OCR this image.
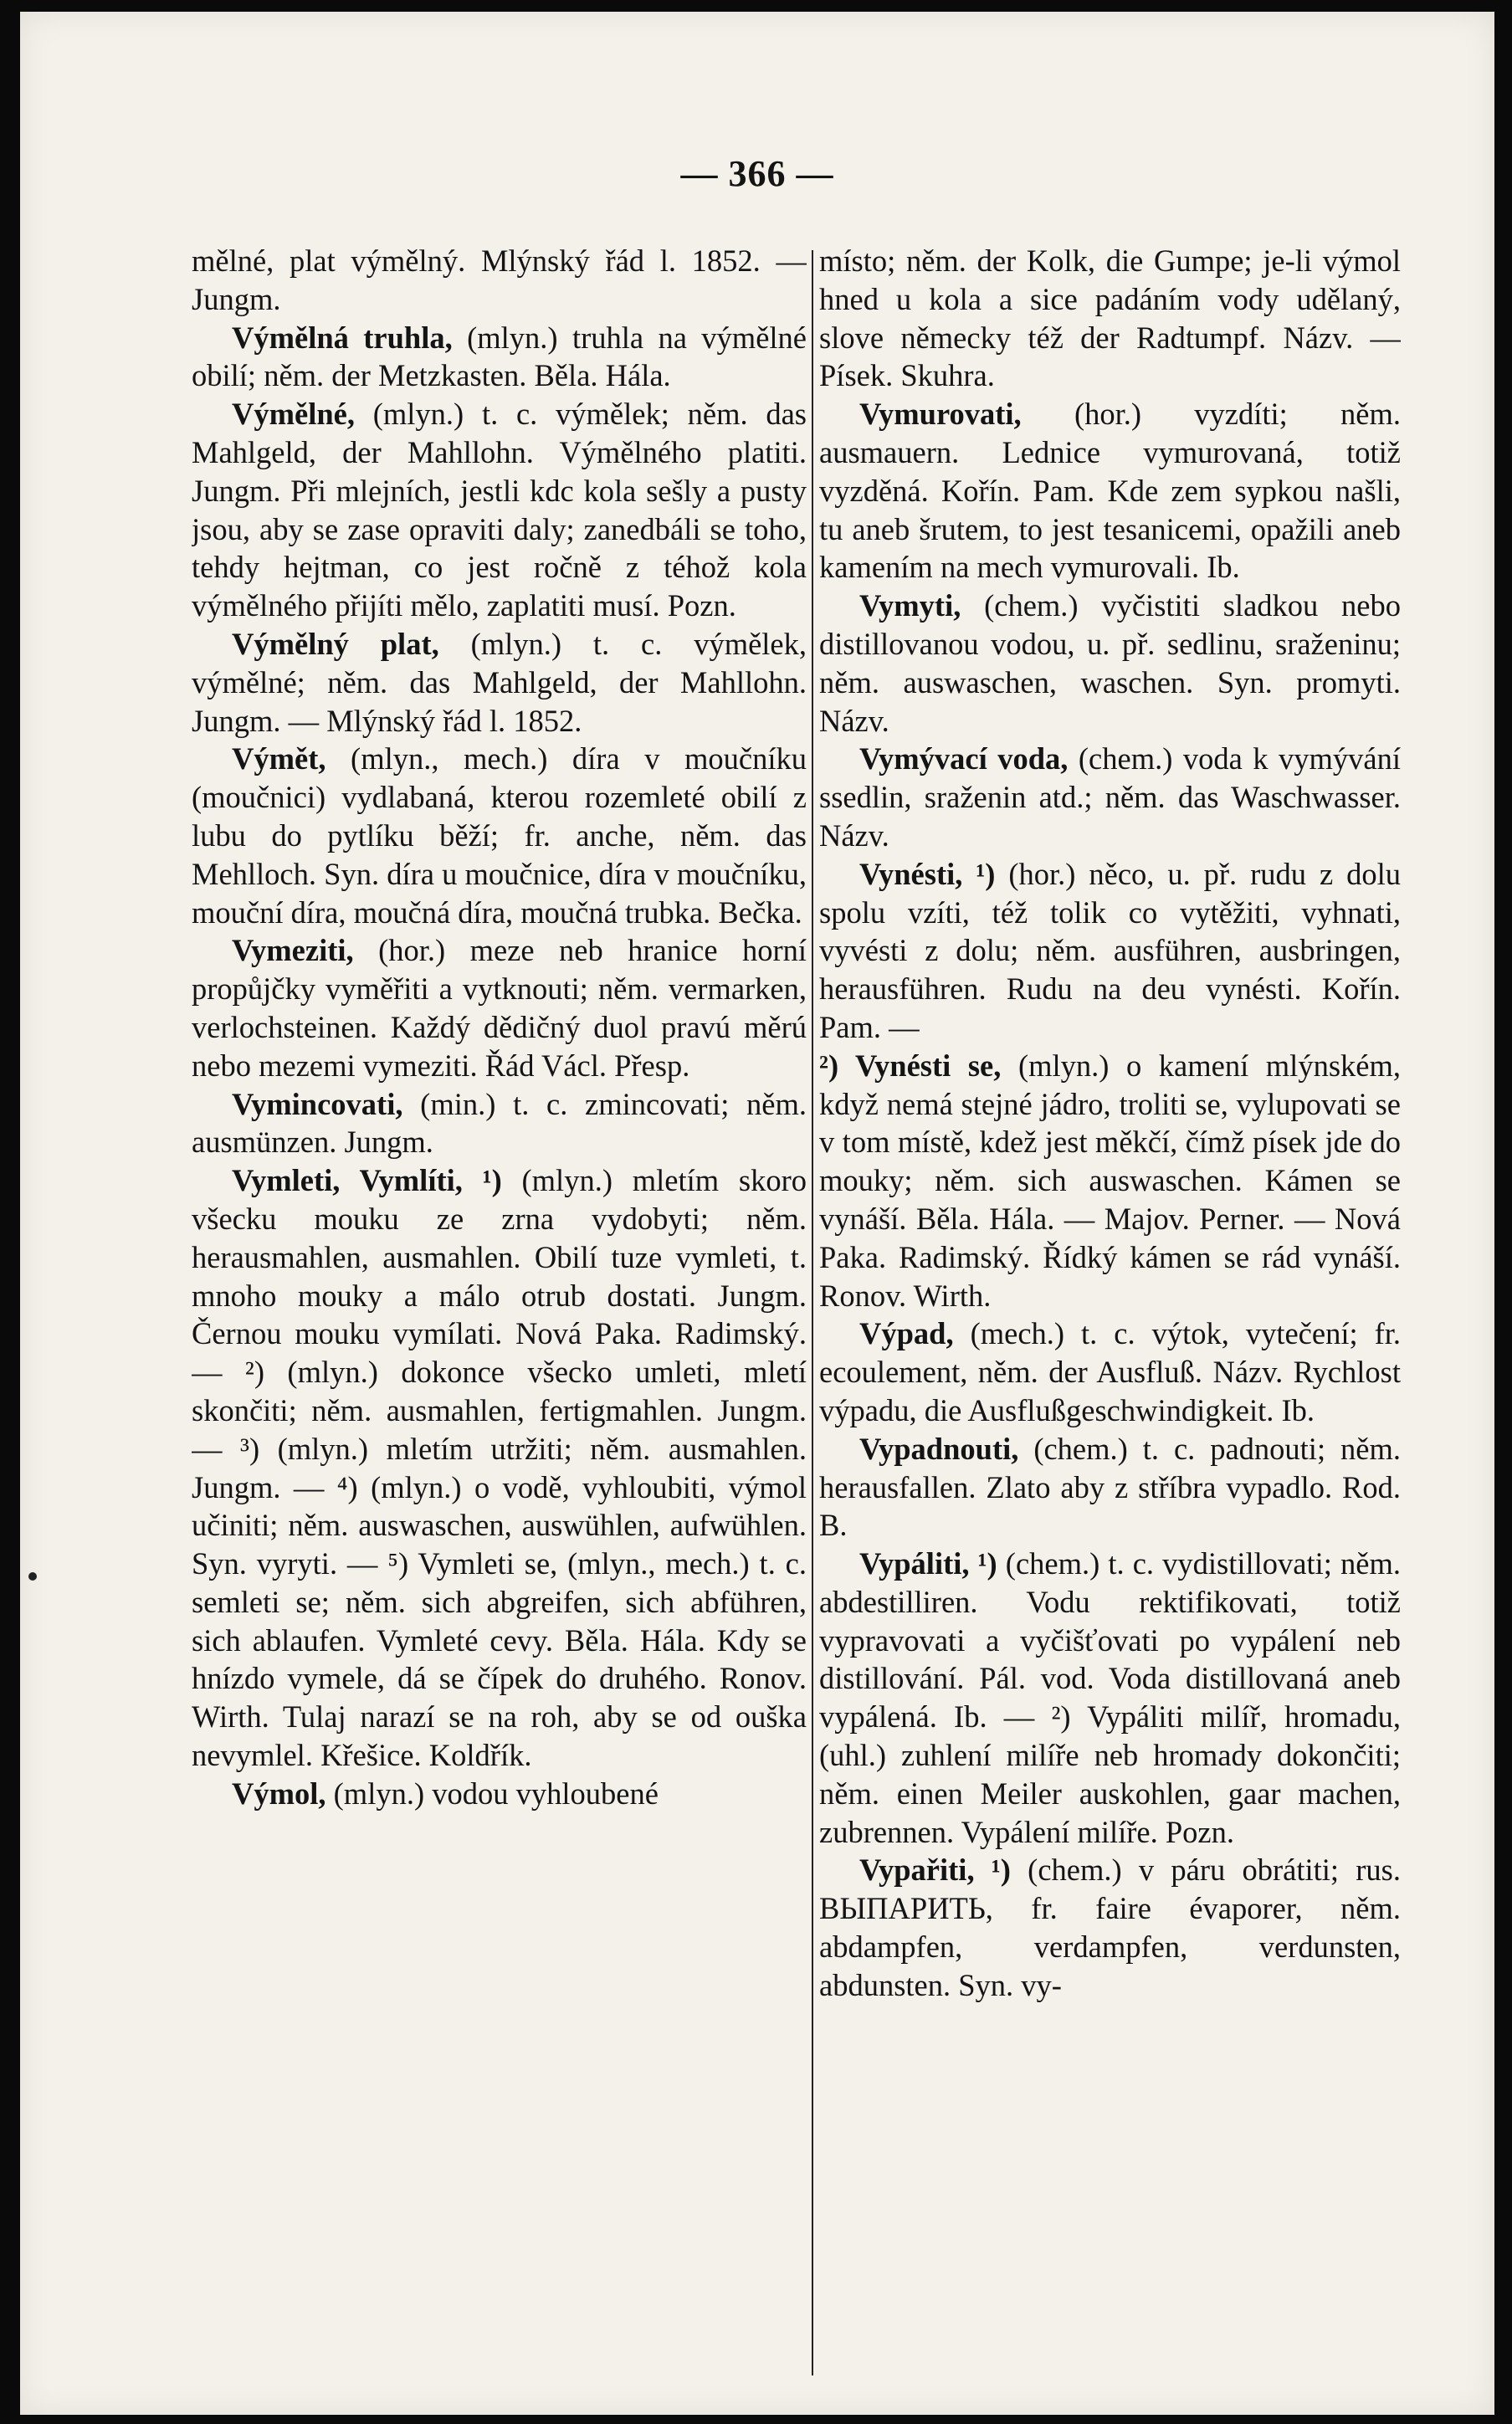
— 366 —

mělné, plat výmělný. Mlýnský řád l. 1852. — Jungm.

Výmělná truhla, (mlyn.) truhla na výmělné obilí; něm. der Metzkasten. Běla. Hála.

Výmělné, (mlyn.) t. c. výmělek; něm. das Mahlgeld, der Mahllohn. Výmělného platiti. Jungm. Při mlejních, jestli kdc kola sešly a pusty jsou, aby se zase opraviti daly; zanedbáli se toho, tehdy hejtman, co jest ročně z téhož kola výmělného přijíti mělo, zaplatiti musí. Pozn.

Výmělný plat, (mlyn.) t. c. výmělek, výmělné; něm. das Mahlgeld, der Mahllohn. Jungm. — Mlýnský řád l. 1852.

Výmět, (mlyn., mech.) díra v moučníku (moučnici) vydlabaná, kterou rozemleté obilí z lubu do pytlíku běží; fr. anche, něm. das Mehlloch. Syn. díra u moučnice, díra v moučníku, mouční díra, moučná díra, moučná trubka. Bečka.

Vymeziti, (hor.) meze neb hranice horní propůjčky vyměřiti a vytknouti; něm. vermarken, verlochsteinen. Každý dědičný duol pravú měrú nebo mezemi vymeziti. Řád Václ. Přesp.

Vymincovati, (min.) t. c. zmincovati; něm. ausmünzen. Jungm.

Vymleti, Vymlíti, ¹) (mlyn.) mletím skoro všecku mouku ze zrna vydobyti; něm. herausmahlen, ausmahlen. Obilí tuze vymleti, t. mnoho mouky a málo otrub dostati. Jungm. Černou mouku vymílati. Nová Paka. Radimský. — ²) (mlyn.) dokonce všecko umleti, mletí skončiti; něm. ausmahlen, fertigmahlen. Jungm. — ³) (mlyn.) mletím utržiti; něm. ausmahlen. Jungm. — ⁴) (mlyn.) o vodě, vyhloubiti, výmol učiniti; něm. auswaschen, auswühlen, aufwühlen. Syn. vyryti. — ⁵) Vymleti se, (mlyn., mech.) t. c. semleti se; něm. sich abgreifen, sich abführen, sich ablaufen. Vymleté cevy. Běla. Hála. Kdy se hnízdo vymele, dá se čípek do druhého. Ronov. Wirth. Tulaj narazí se na roh, aby se od ouška nevymlel. Křešice. Koldřík.

Výmol, (mlyn.) vodou vyhloubené

místo; něm. der Kolk, die Gumpe; je-li výmol hned u kola a sice padáním vody udělaný, slove německy též der Radtumpf. Názv. — Písek. Skuhra.

Vymurovati, (hor.) vyzdíti; něm. ausmauern. Lednice vymurovaná, totiž vyzděná. Kořín. Pam. Kde zem sypkou našli, tu aneb šrutem, to jest tesanicemi, opažili aneb kamením na mech vymurovali. Ib.

Vymyti, (chem.) vyčistiti sladkou nebo distillovanou vodou, u. př. sedlinu, sraženinu; něm. auswaschen, waschen. Syn. promyti. Názv.

Vymývací voda, (chem.) voda k vymývání ssedlin, sraženin atd.; něm. das Waschwasser. Názv.

Vynésti, ¹) (hor.) něco, u. př. rudu z dolu spolu vzíti, též tolik co vytěžiti, vyhnati, vyvésti z dolu; něm. ausführen, ausbringen, herausführen. Rudu na deu vynésti. Kořín. Pam. —

²) Vynésti se, (mlyn.) o kamení mlýnském, když nemá stejné jádro, troliti se, vylupovati se v tom místě, kdež jest měkčí, čímž písek jde do mouky; něm. sich auswaschen. Kámen se vynáší. Běla. Hála. — Majov. Perner. — Nová Paka. Radimský. Řídký kámen se rád vynáší. Ronov. Wirth.

Výpad, (mech.) t. c. výtok, vytečení; fr. ecoulement, něm. der Ausfluß. Názv. Rychlost výpadu, die Ausflußgeschwindigkeit. Ib.

Vypadnouti, (chem.) t. c. padnouti; něm. herausfallen. Zlato aby z stříbra vypadlo. Rod. B.

Vypáliti, ¹) (chem.) t. c. vydistillovati; něm. abdestilliren. Vodu rektifikovati, totiž vypravovati a vyčišťovati po vypálení neb distillování. Pál. vod. Voda distillovaná aneb vypálená. Ib. — ²) Vypáliti milíř, hromadu, (uhl.) zuhlení milíře neb hromady dokončiti; něm. einen Meiler auskohlen, gaar machen, zubrennen. Vypálení milíře. Pozn.

Vypařiti, ¹) (chem.) v páru obrátiti; rus. ВЫПАРИТЬ, fr. faire évaporer, něm. abdampfen, verdampfen, verdunsten, abdunsten. Syn. vy-
